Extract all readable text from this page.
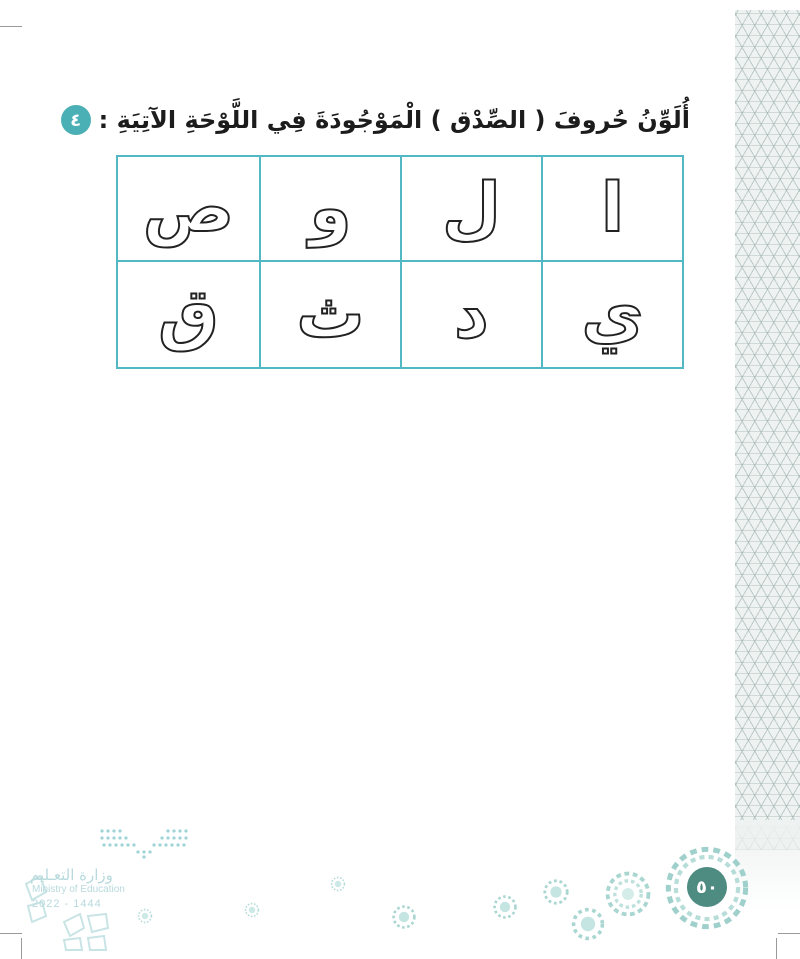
٤ أُلَوِّنُ حُروفَ ( الصِّدْق ) الْمَوْجُودَةَ فِي اللَّوْحَةِ الآتِيَةِ :
ا
ل
و
ص
ي
د
ث
ق
وزارة التعـليم
Ministry of Education
2022 - 1444
٥٠
